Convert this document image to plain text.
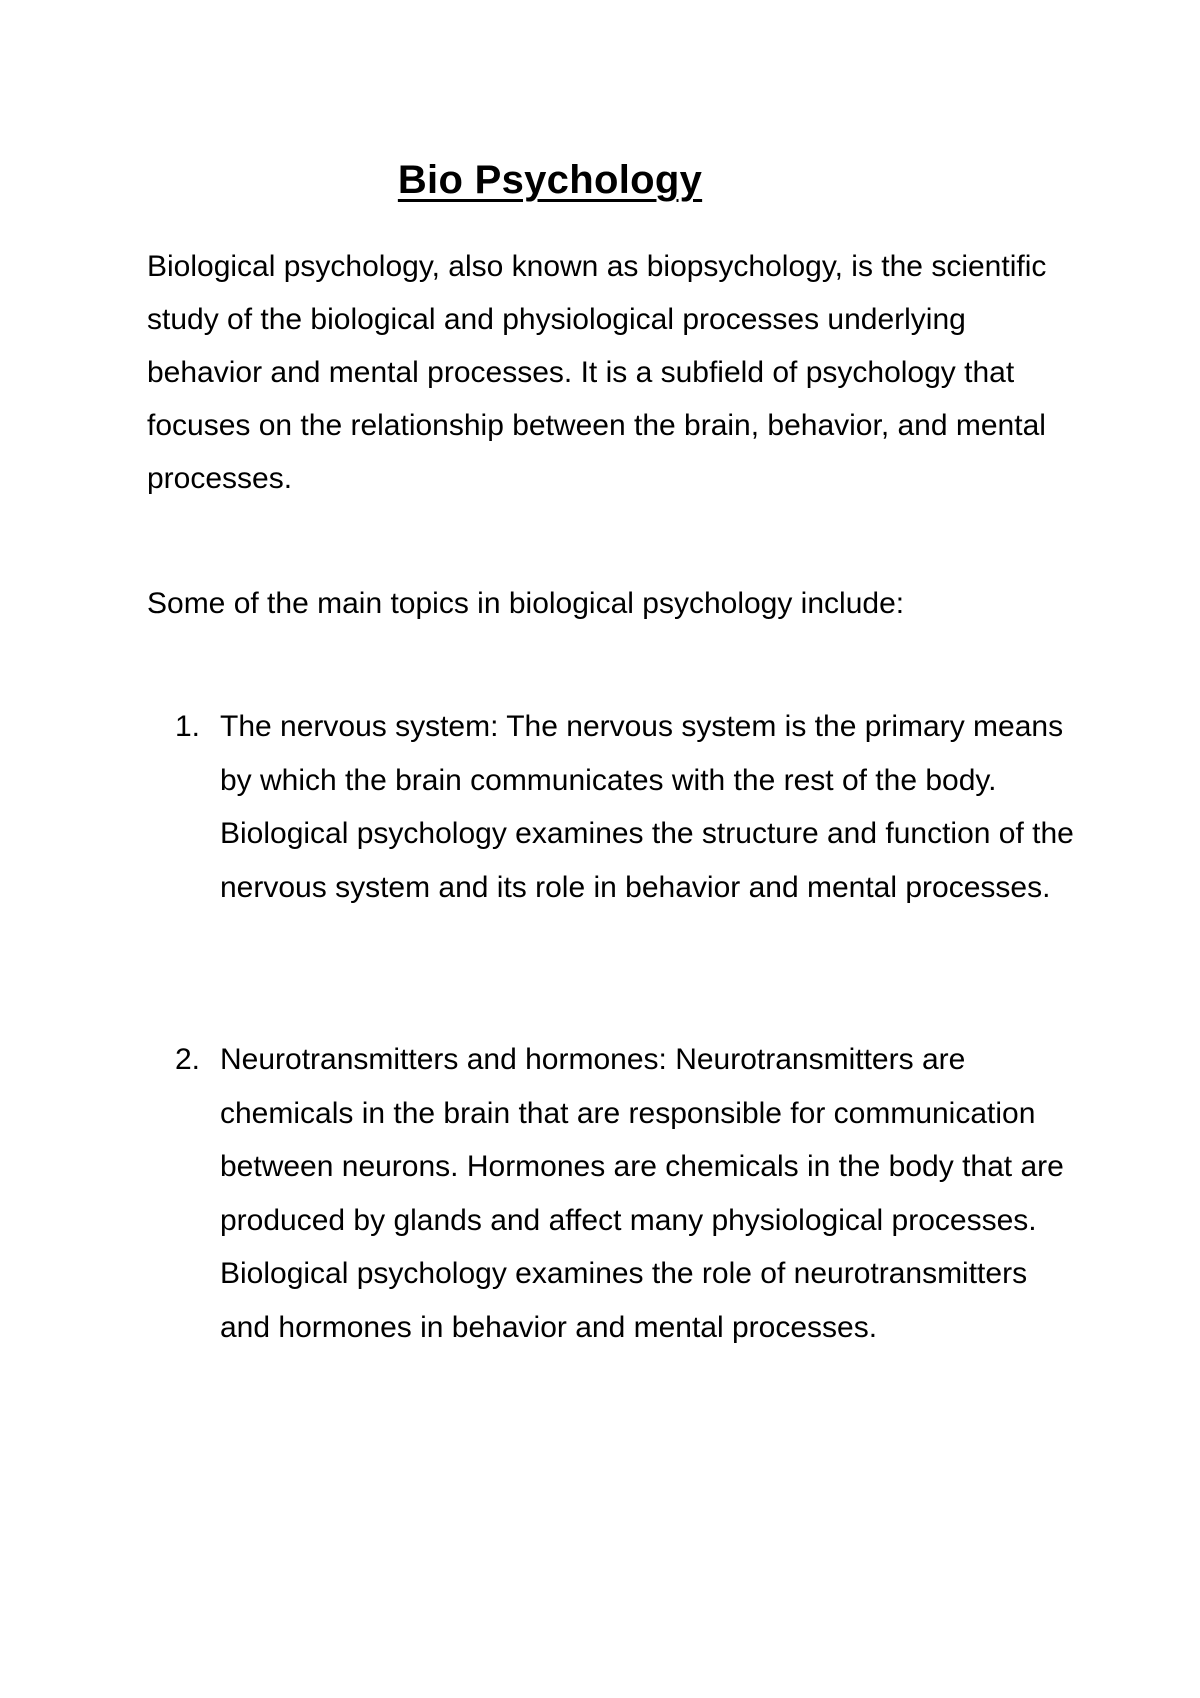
Bio Psychology

Biological psychology, also known as biopsychology, is the scientific study of the biological and physiological processes underlying behavior and mental processes. It is a subfield of psychology that focuses on the relationship between the brain, behavior, and mental processes.

Some of the main topics in biological psychology include:

1. The nervous system: The nervous system is the primary means by which the brain communicates with the rest of the body. Biological psychology examines the structure and function of the nervous system and its role in behavior and mental processes.
2. Neurotransmitters and hormones: Neurotransmitters are chemicals in the brain that are responsible for communication between neurons. Hormones are chemicals in the body that are produced by glands and affect many physiological processes. Biological psychology examines the role of neurotransmitters and hormones in behavior and mental processes.
